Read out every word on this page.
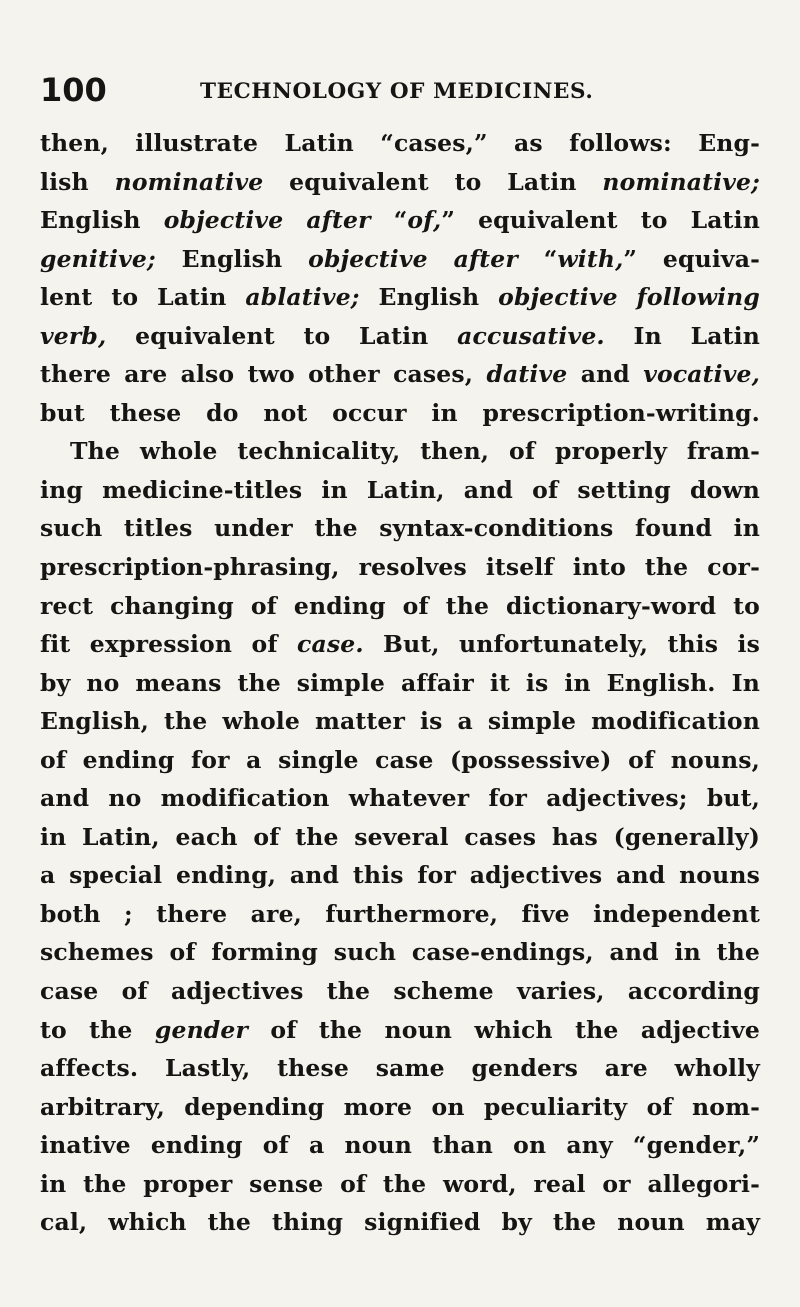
100	TECHNOLOGY OF MEDICINES.
then, illustrate Latin “cases,” as follows: Eng-
lish nominative equivalent to Latin nominative;
English objective after “of,” equivalent to Latin
genitive; English objective after “with,” equiva-
lent to Latin ablative; English objective following
verb, equivalent to Latin accusative. In Latin
there are also two other cases, dative and vocative,
but these do not occur in prescription-writing.
The whole technicality, then, of properly fram-
ing medicine-titles in Latin, and of setting down
such titles under the syntax-conditions found in
prescription-phrasing, resolves itself into the cor-
rect changing of ending of the dictionary-word to
fit expression of case. But, unfortunately, this is
by no means the simple affair it is in English. In
English, the whole matter is a simple modification
of ending for a single case (possessive) of nouns,
and no modification whatever for adjectives; but,
in Latin, each of the several cases has (generally)
a special ending, and this for adjectives and nouns
both ; there are, furthermore, five independent
schemes of forming such case-endings, and in the
case of adjectives the scheme varies, according
to the gender of the noun which the adjective
affects. Lastly, these same genders are wholly
arbitrary, depending more on peculiarity of nom-
inative ending of a noun than on any “gender,”
in the proper sense of the word, real or allegori-
cal, which the thing signified by the noun may
